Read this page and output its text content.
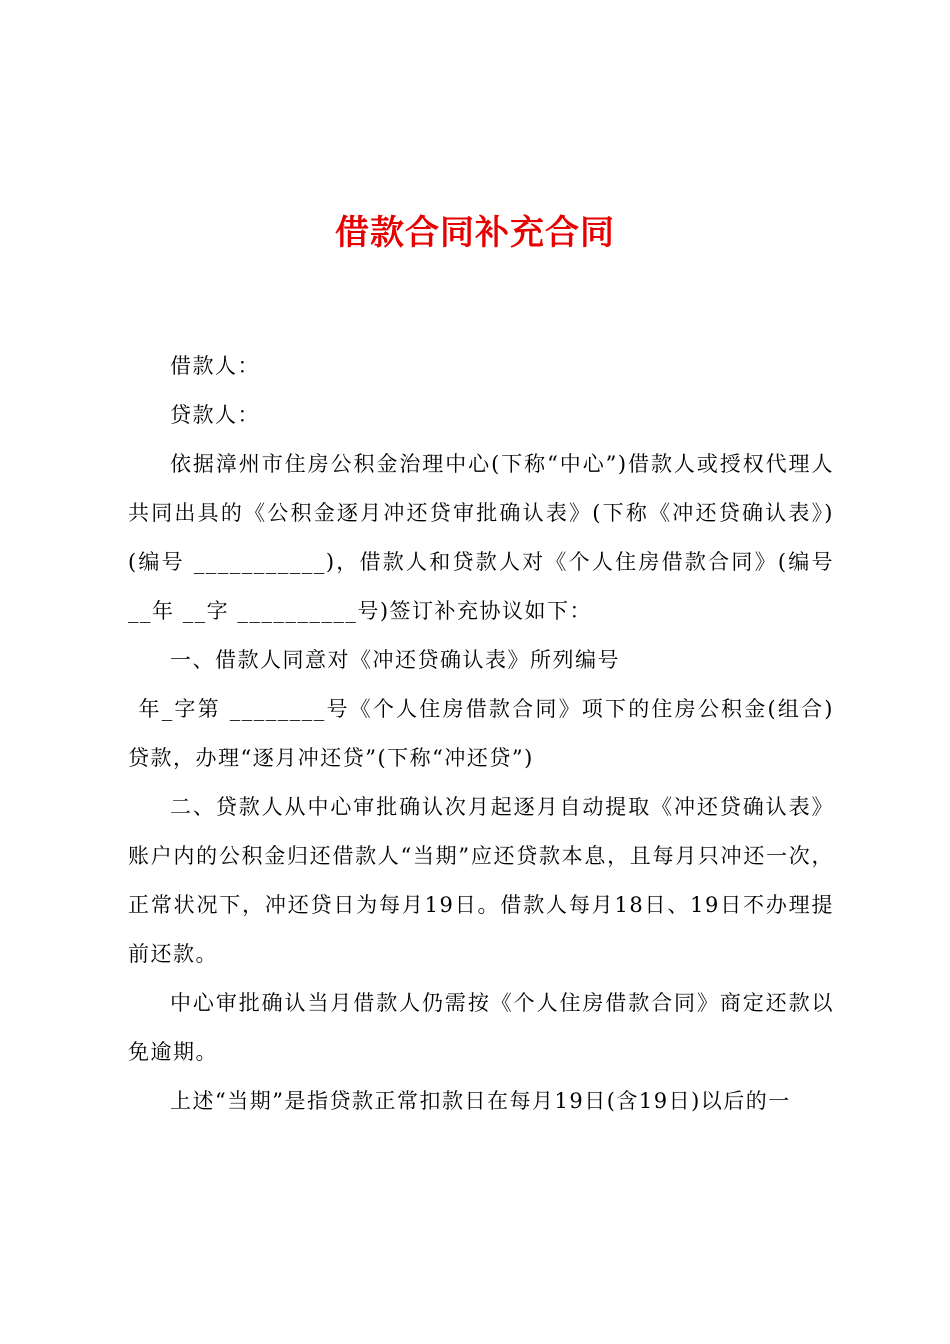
借款合同补充合同

借款人：

贷款人：

依据漳州市住房公积金治理中心(下称“中心”)借款人或授权代理人共同出具的《公积金逐月冲还贷审批确认表》(下称《冲还贷确认表》)(编号 ___________)，借款人和贷款人对《个人住房借款合同》(编号 __年 __字 __________号)签订补充协议如下：

一、借款人同意对《冲还贷确认表》所列编号

年_字第 ________号《个人住房借款合同》项下的住房公积金(组合)贷款，办理“逐月冲还贷”(下称“冲还贷”)

二、贷款人从中心审批确认次月起逐月自动提取《冲还贷确认表》账户内的公积金归还借款人“当期”应还贷款本息，且每月只冲还一次，正常状况下，冲还贷日为每月19日。借款人每月18日、19日不办理提前还款。

中心审批确认当月借款人仍需按《个人住房借款合同》商定还款以免逾期。

上述“当期”是指贷款正常扣款日在每月19日(含19日)以后的一
